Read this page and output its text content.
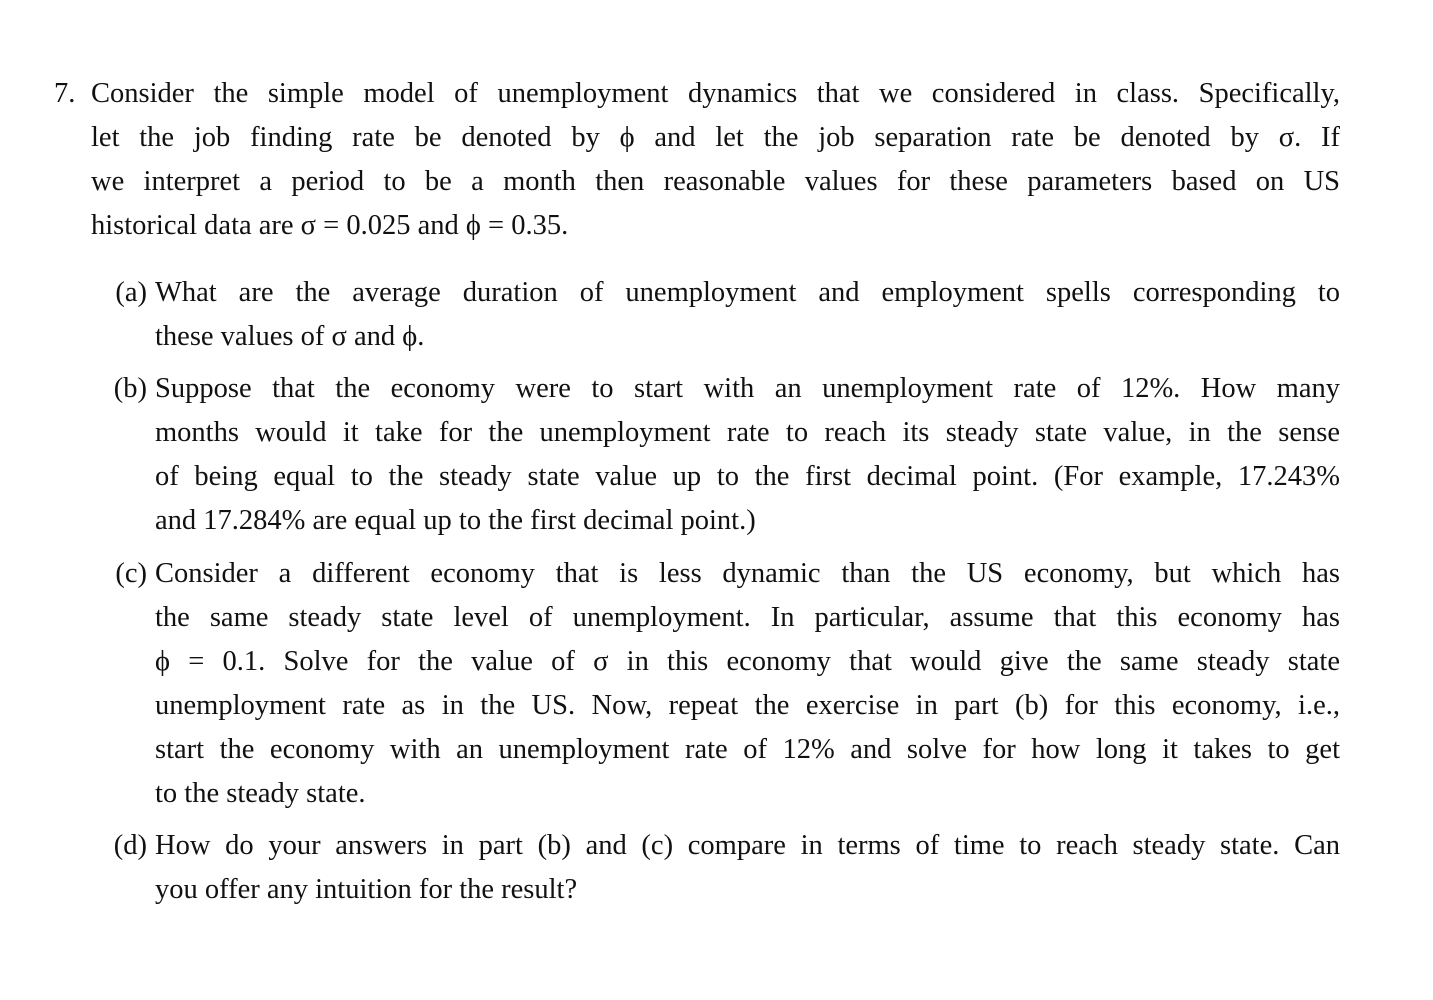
7. Consider the simple model of unemployment dynamics that we considered in class. Specifically,
let the job finding rate be denoted by ϕ and let the job separation rate be denoted by σ. If
we interpret a period to be a month then reasonable values for these parameters based on US
historical data are σ = 0.025 and ϕ = 0.35.

(a) What are the average duration of unemployment and employment spells corresponding to
these values of σ and ϕ.

(b) Suppose that the economy were to start with an unemployment rate of 12%. How many
months would it take for the unemployment rate to reach its steady state value, in the sense
of being equal to the steady state value up to the first decimal point. (For example, 17.243%
and 17.284% are equal up to the first decimal point.)

(c) Consider a different economy that is less dynamic than the US economy, but which has
the same steady state level of unemployment. In particular, assume that this economy has
ϕ = 0.1. Solve for the value of σ in this economy that would give the same steady state
unemployment rate as in the US. Now, repeat the exercise in part (b) for this economy, i.e.,
start the economy with an unemployment rate of 12% and solve for how long it takes to get
to the steady state.

(d) How do your answers in part (b) and (c) compare in terms of time to reach steady state. Can
you offer any intuition for the result?
